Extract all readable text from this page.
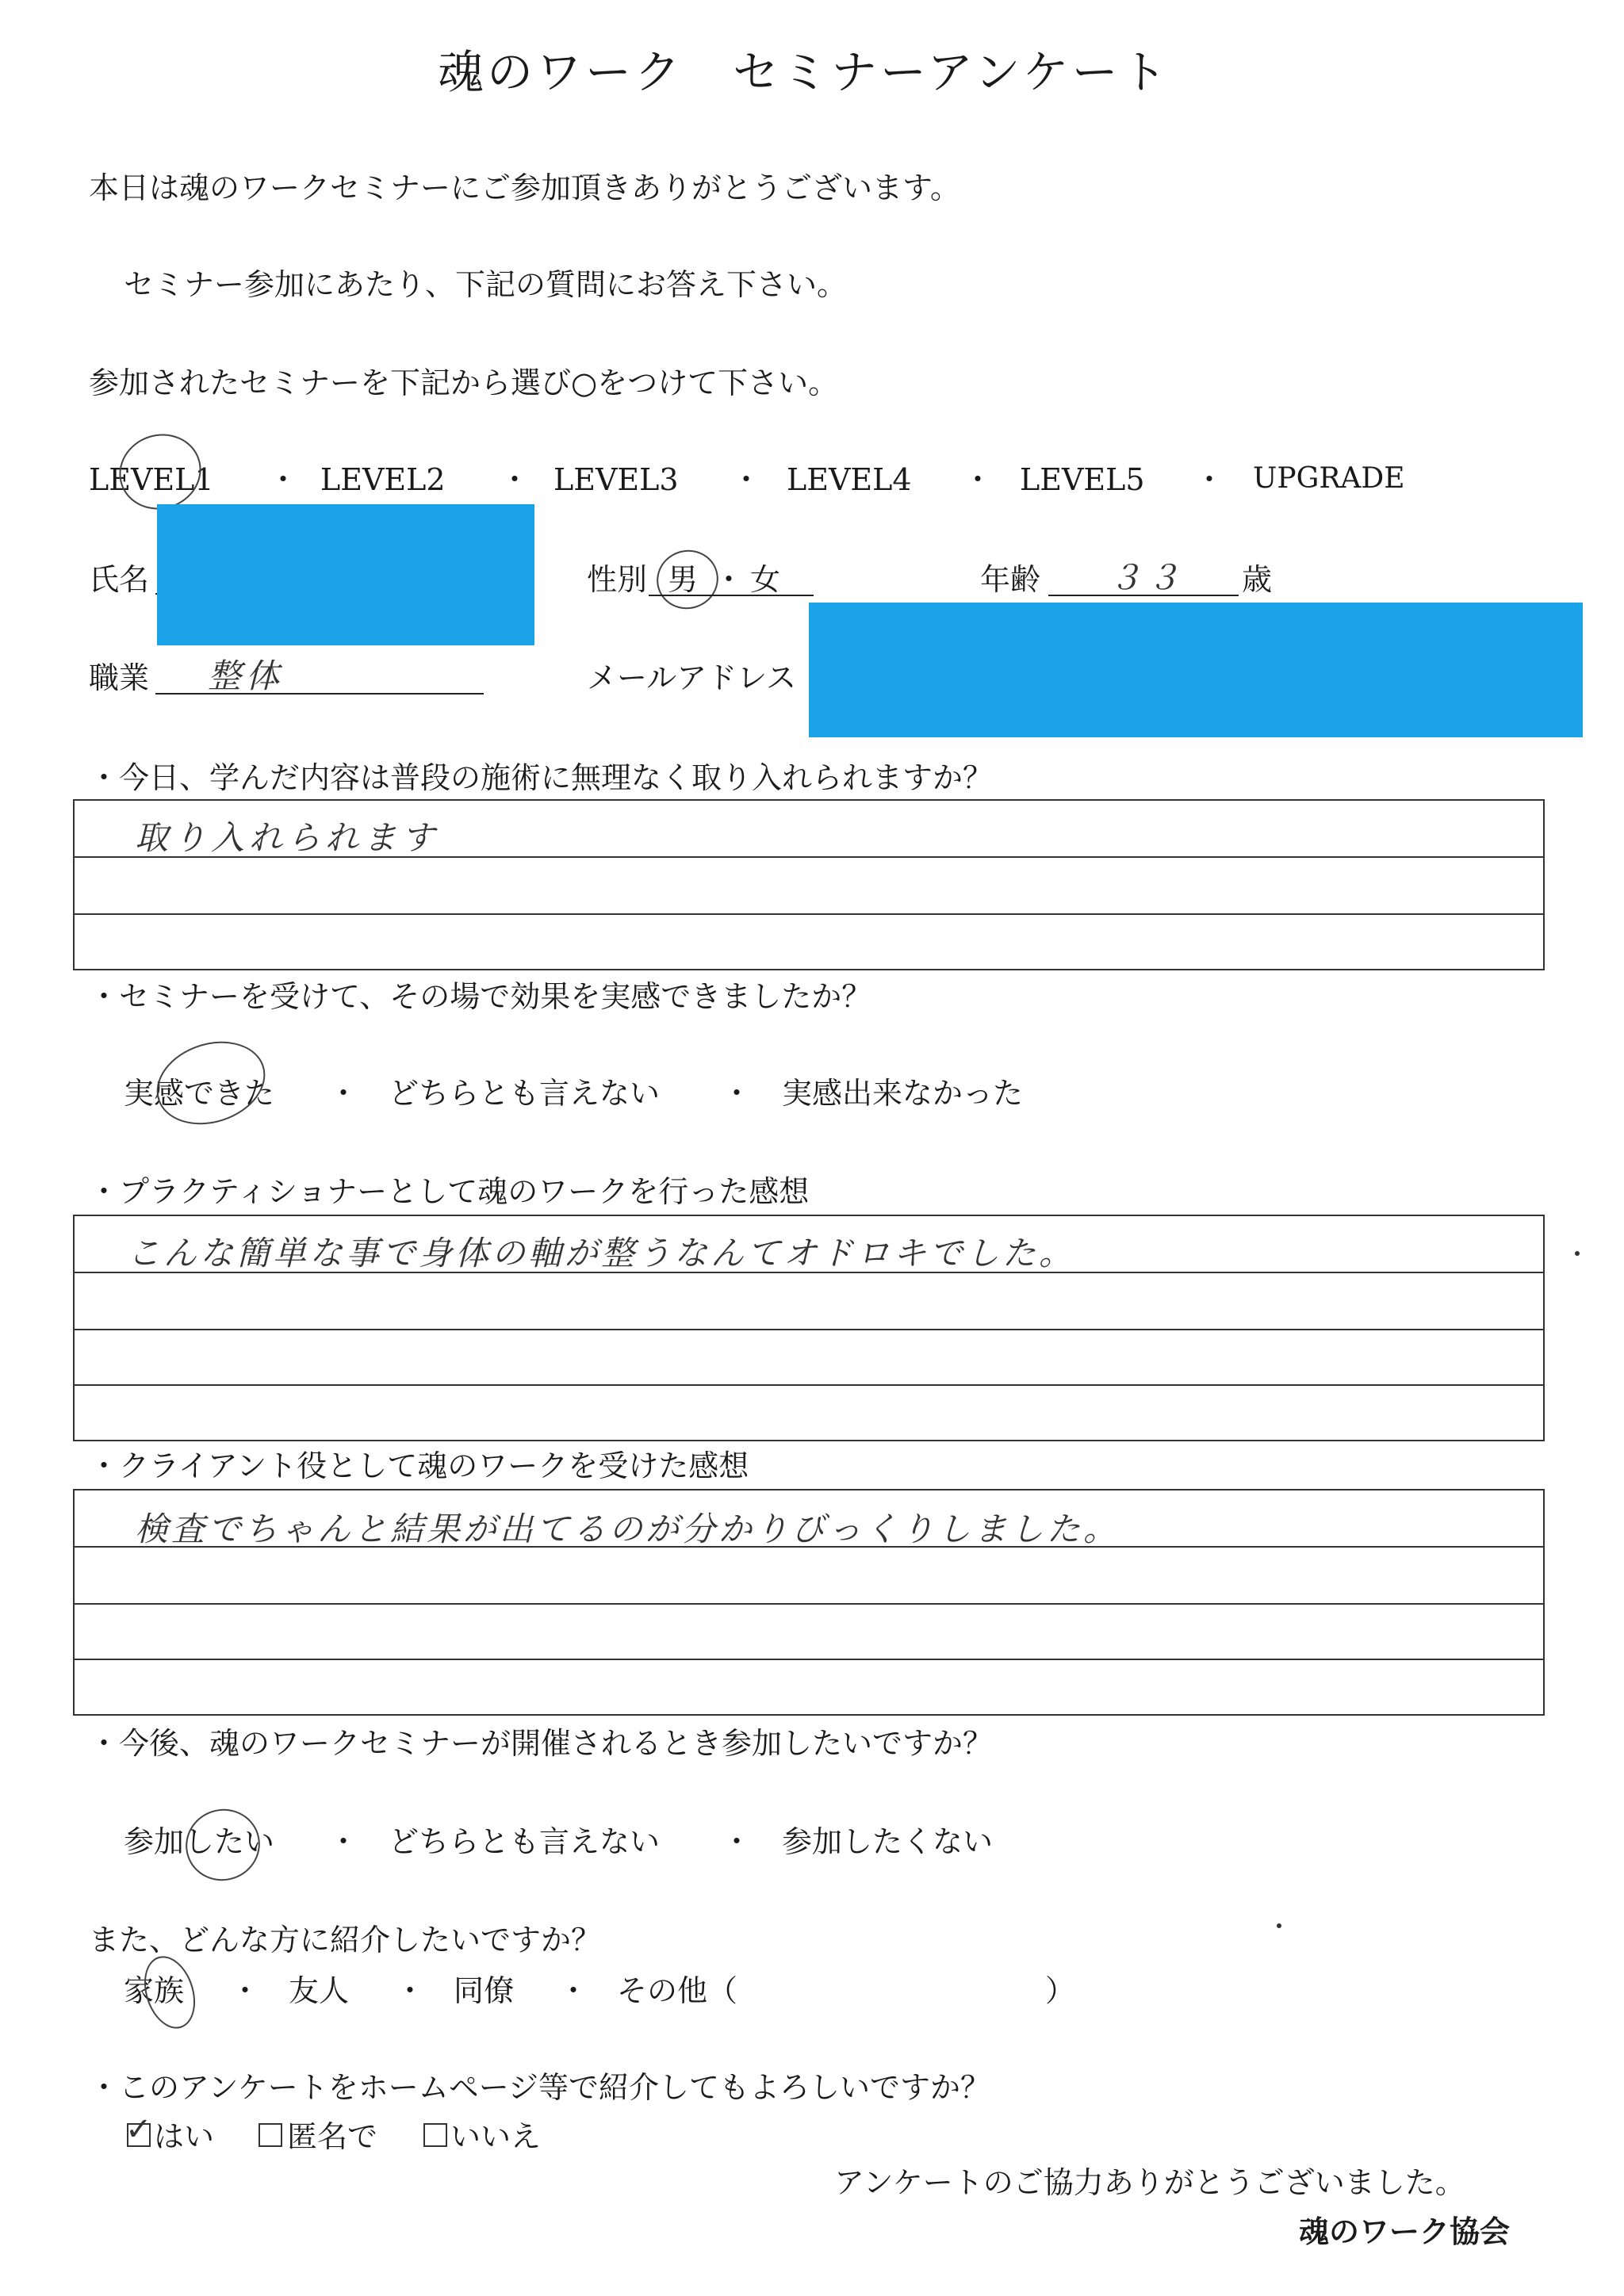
魂のワーク　セミナーアンケート
本日は魂のワークセミナーにご参加頂きありがとうございます。
セミナー参加にあたり、下記の質問にお答え下さい。
参加されたセミナーを下記から選び○をつけて下さい。
LEVEL1 ・ LEVEL2 ・ LEVEL3 ・ LEVEL4 ・ LEVEL5 ・ UPGRADE
氏名	性別 男 ・ 女	年齢 ３３ 歳
職業 整体	メールアドレス
・今日、学んだ内容は普段の施術に無理なく取り入れられますか？
取り入れられます
・セミナーを受けて、その場で効果を実感できましたか？
実感できた ・ どちらとも言えない ・ 実感出来なかった
・プラクティショナーとして魂のワークを行った感想
こんな簡単な事で身体の軸が整うなんてオドロキでした。
・クライアント役として魂のワークを受けた感想
検査でちゃんと結果が出てるのが分かりびっくりしました。
・今後、魂のワークセミナーが開催されるとき参加したいですか？
参加したい ・ どちらとも言えない ・ 参加したくない
また、どんな方に紹介したいですか？
家族 ・ 友人 ・ 同僚 ・ その他（	）
・このアンケートをホームページ等で紹介してもよろしいですか？
✓ はい 匿名で いいえ
アンケートのご協力ありがとうございました。
魂のワーク協会
